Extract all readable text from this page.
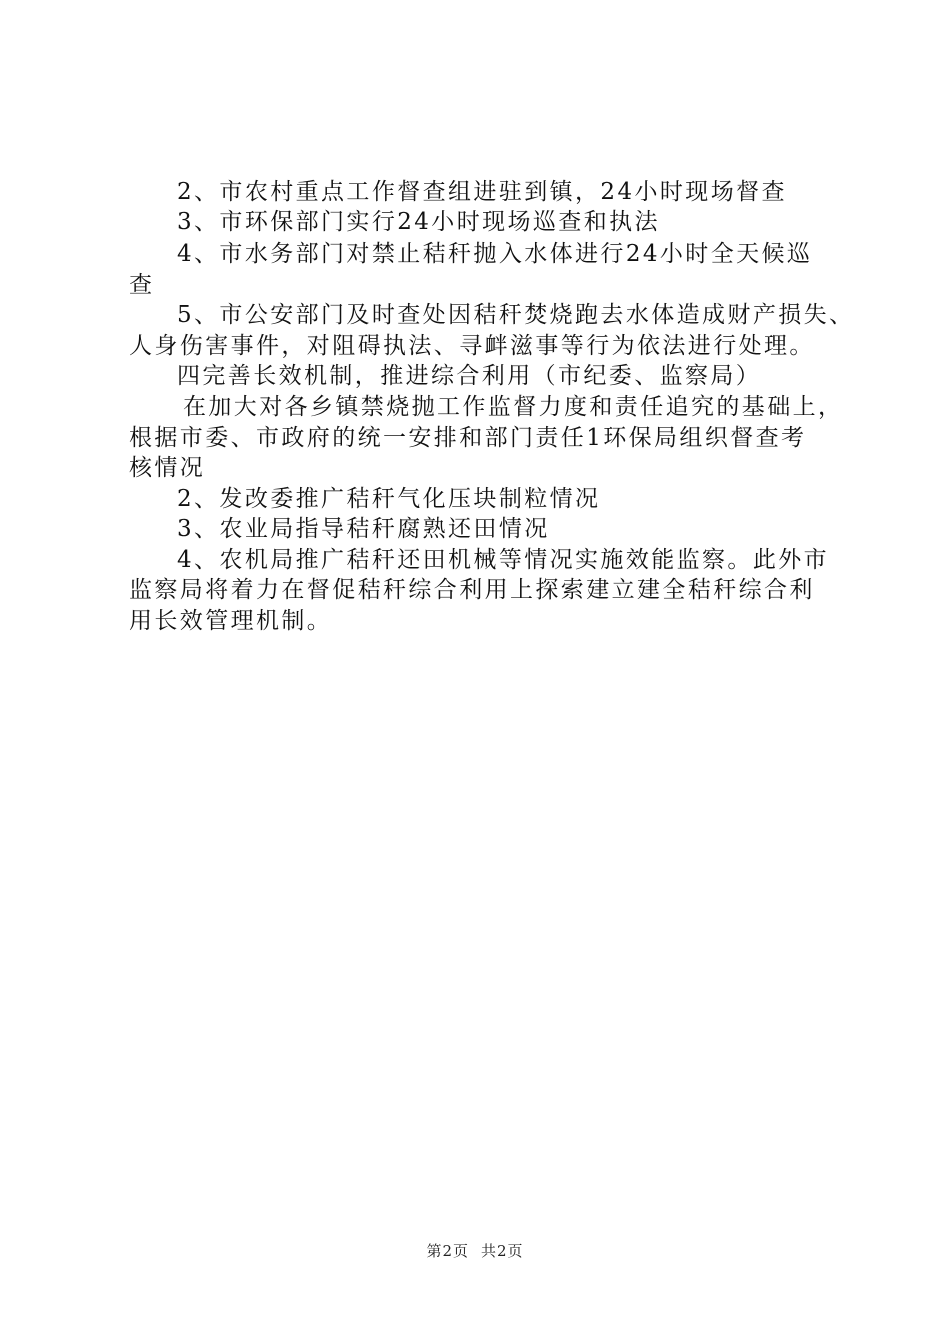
2、市农村重点工作督查组进驻到镇，24小时现场督查
3、市环保部门实行24小时现场巡查和执法
4、市水务部门对禁止秸秆抛入水体进行24小时全天候巡
查
5、市公安部门及时查处因秸秆焚烧跑去水体造成财产损失、
人身伤害事件，对阻碍执法、寻衅滋事等行为依法进行处理。
四完善长效机制，推进综合利用（市纪委、监察局）
在加大对各乡镇禁烧抛工作监督力度和责任追究的基础上，
根据市委、市政府的统一安排和部门责任1环保局组织督查考
核情况
2、发改委推广秸秆气化压块制粒情况
3、农业局指导秸秆腐熟还田情况
4、农机局推广秸秆还田机械等情况实施效能监察。此外市
监察局将着力在督促秸秆综合利用上探索建立建全秸秆综合利
用长效管理机制。
第2页 共2页
